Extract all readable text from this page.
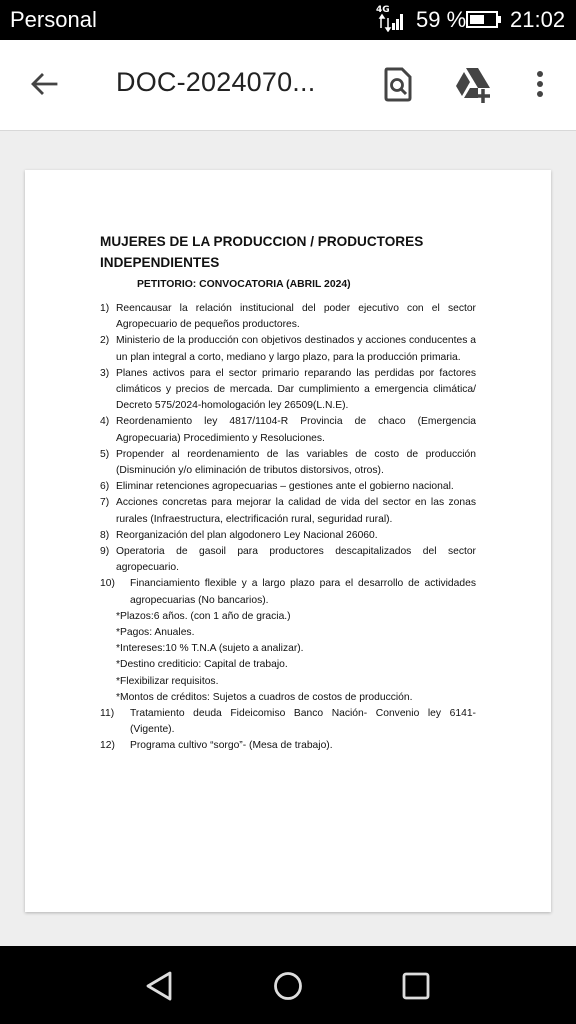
Personal	4G 59 % 21:02
DOC-2024070...

MUJERES DE LA PRODUCCION / PRODUCTORES INDEPENDIENTES

PETITORIO: CONVOCATORIA (ABRIL 2024)

1) Reencausar la relación institucional del poder ejecutivo con el sector Agropecuario de pequeños productores.
2) Ministerio de la producción con objetivos destinados y acciones conducentes a un plan integral a corto, mediano y largo plazo, para la producción primaria.
3) Planes activos para el sector primario reparando las perdidas por factores climáticos y precios de mercada. Dar cumplimiento a emergencia climática/ Decreto 575/2024-homologación ley 26509(L.N.E).
4) Reordenamiento ley 4817/1104-R Provincia de chaco (Emergencia Agropecuaria) Procedimiento y Resoluciones.
5) Propender al reordenamiento de las variables de costo de producción (Disminución y/o eliminación de tributos distorsivos, otros).
6) Eliminar retenciones agropecuarias – gestiones ante el gobierno nacional.
7) Acciones concretas para mejorar la calidad de vida del sector en las zonas rurales (Infraestructura, electrificación rural, seguridad rural).
8) Reorganización del plan algodonero Ley Nacional 26060.
9) Operatoria de gasoil para productores descapitalizados del sector agropecuario.
10)	Financiamiento flexible y a largo plazo para el desarrollo de actividades agropecuarias (No bancarios).
*Plazos:6 años. (con 1 año de gracia.)
*Pagos: Anuales.
*Intereses:10 % T.N.A (sujeto a analizar).
*Destino crediticio: Capital de trabajo.
*Flexibilizar requisitos.
*Montos de créditos: Sujetos a cuadros de costos de producción.
11)	Tratamiento deuda Fideicomiso Banco Nación- Convenio ley 6141-(Vigente).
12)	Programa cultivo “sorgo”- (Mesa de trabajo).
